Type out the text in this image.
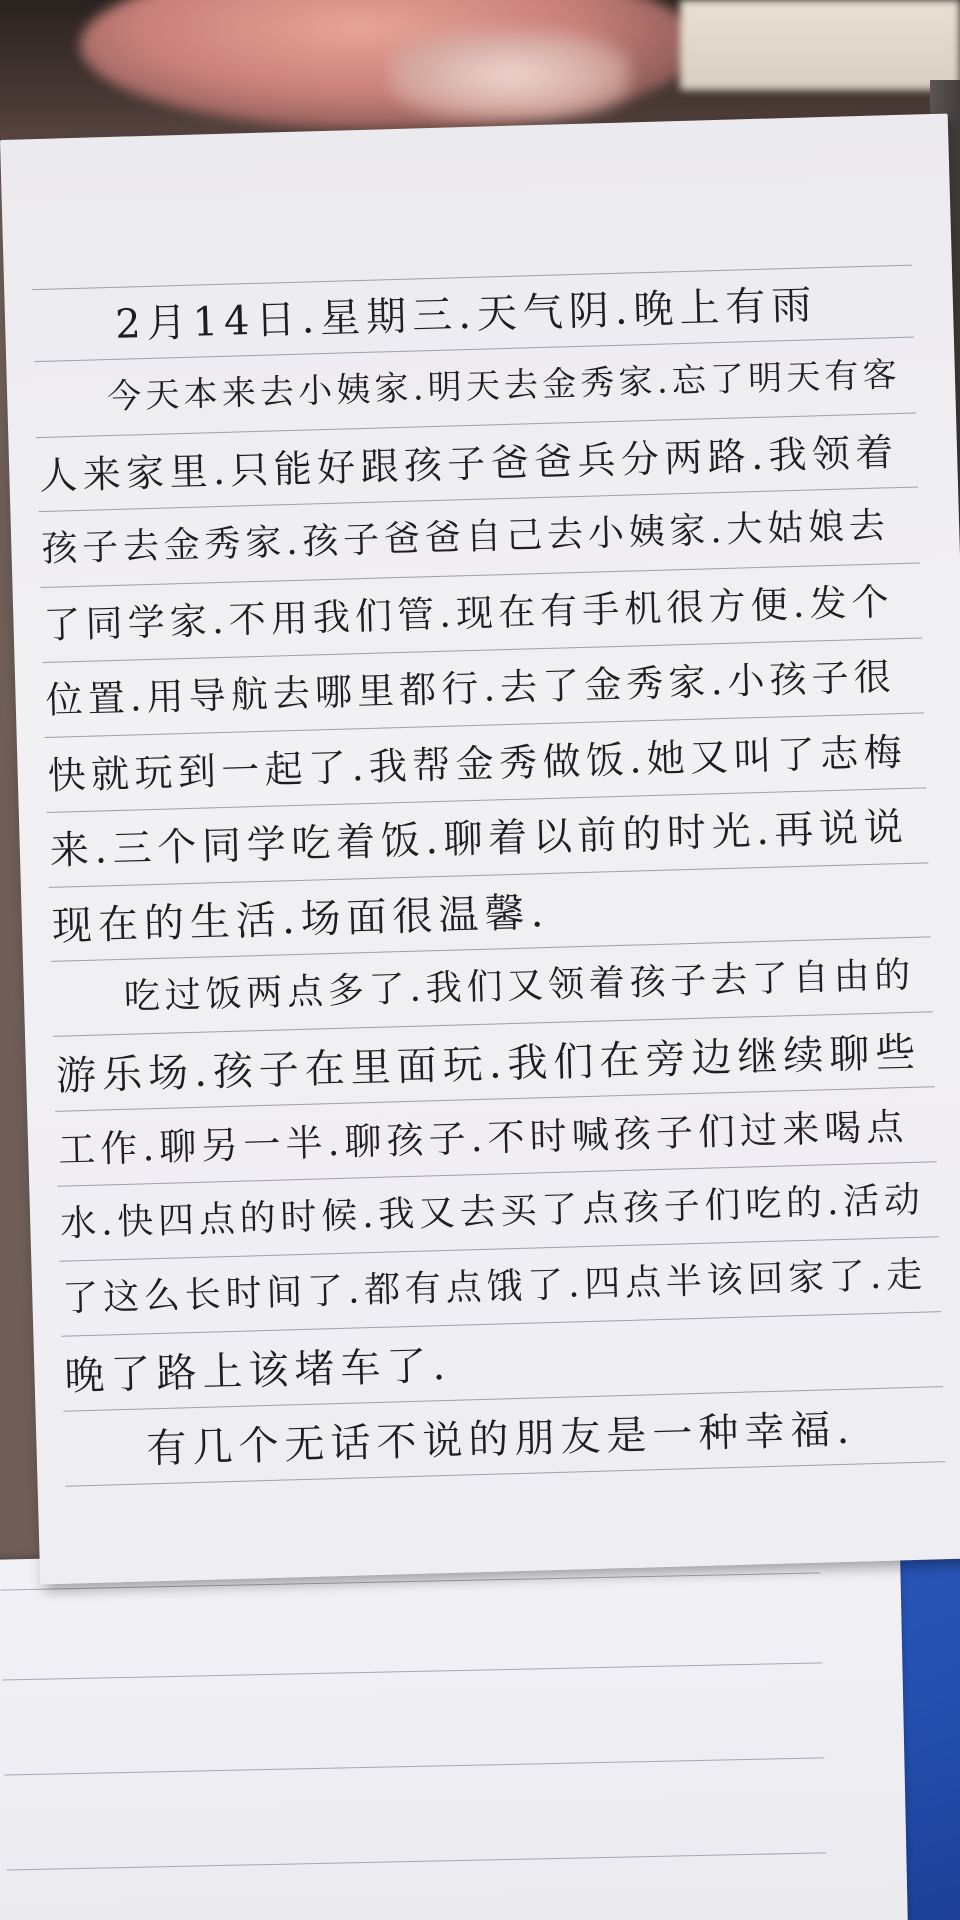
2月14日.星期三.天气阴.晚上有雨
今天本来去小姨家.明天去金秀家.忘了明天有客
人来家里.只能好跟孩子爸爸兵分两路.我领着
孩子去金秀家.孩子爸爸自己去小姨家.大姑娘去
了同学家.不用我们管.现在有手机很方便.发个
位置.用导航去哪里都行.去了金秀家.小孩子很
快就玩到一起了.我帮金秀做饭.她又叫了志梅
来.三个同学吃着饭.聊着以前的时光.再说说
现在的生活.场面很温馨.
吃过饭两点多了.我们又领着孩子去了自由的
游乐场.孩子在里面玩.我们在旁边继续聊些
工作.聊另一半.聊孩子.不时喊孩子们过来喝点
水.快四点的时候.我又去买了点孩子们吃的.活动
了这么长时间了.都有点饿了.四点半该回家了.走
晚了路上该堵车了.
有几个无话不说的朋友是一种幸福.
